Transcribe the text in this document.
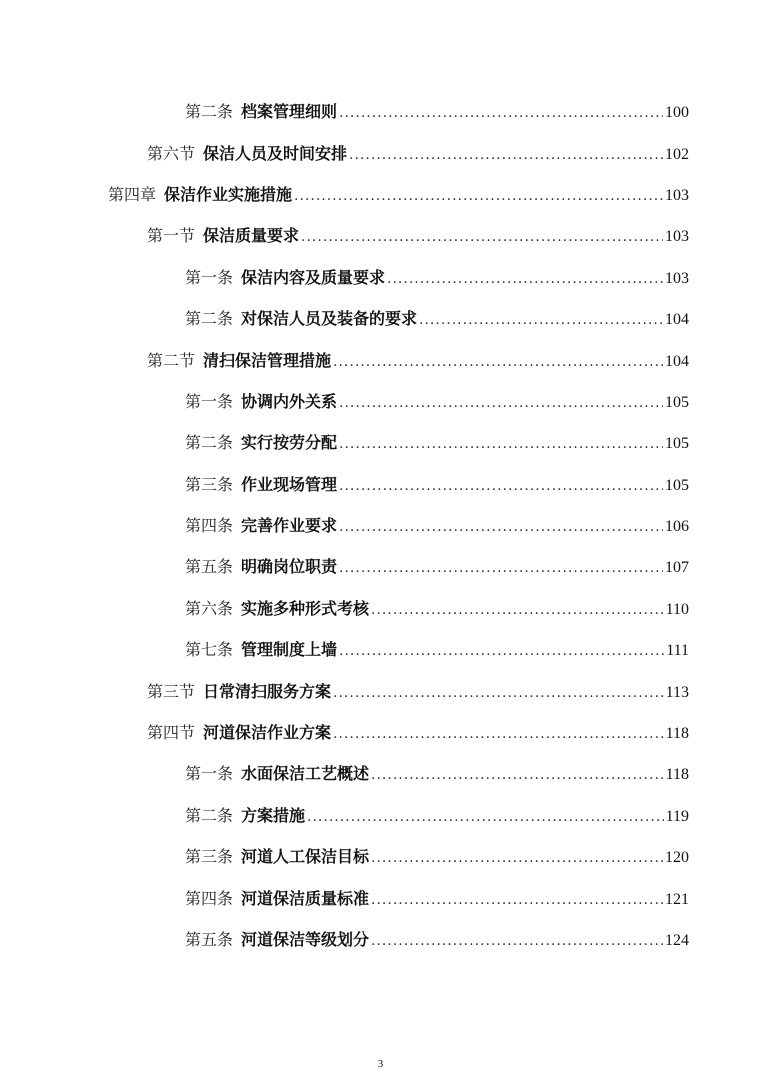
第二条 档案管理细则 .....	100
第六节 保洁人员及时间安排 .....	102
第四章 保洁作业实施措施 .....	103
第一节 保洁质量要求 .....	103
第一条 保洁内容及质量要求 .....	103
第二条 对保洁人员及装备的要求 .....	104
第二节 清扫保洁管理措施 .....	104
第一条 协调内外关系 .....	105
第二条 实行按劳分配 .....	105
第三条 作业现场管理 .....	105
第四条 完善作业要求 .....	106
第五条 明确岗位职责 .....	107
第六条 实施多种形式考核 .....	110
第七条 管理制度上墙 .....	111
第三节 日常清扫服务方案 .....	113
第四节 河道保洁作业方案 .....	118
第一条 水面保洁工艺概述 .....	118
第二条 方案措施 .....	119
第三条 河道人工保洁目标 .....	120
第四条 河道保洁质量标准 .....	121
第五条 河道保洁等级划分 .....	124
3
